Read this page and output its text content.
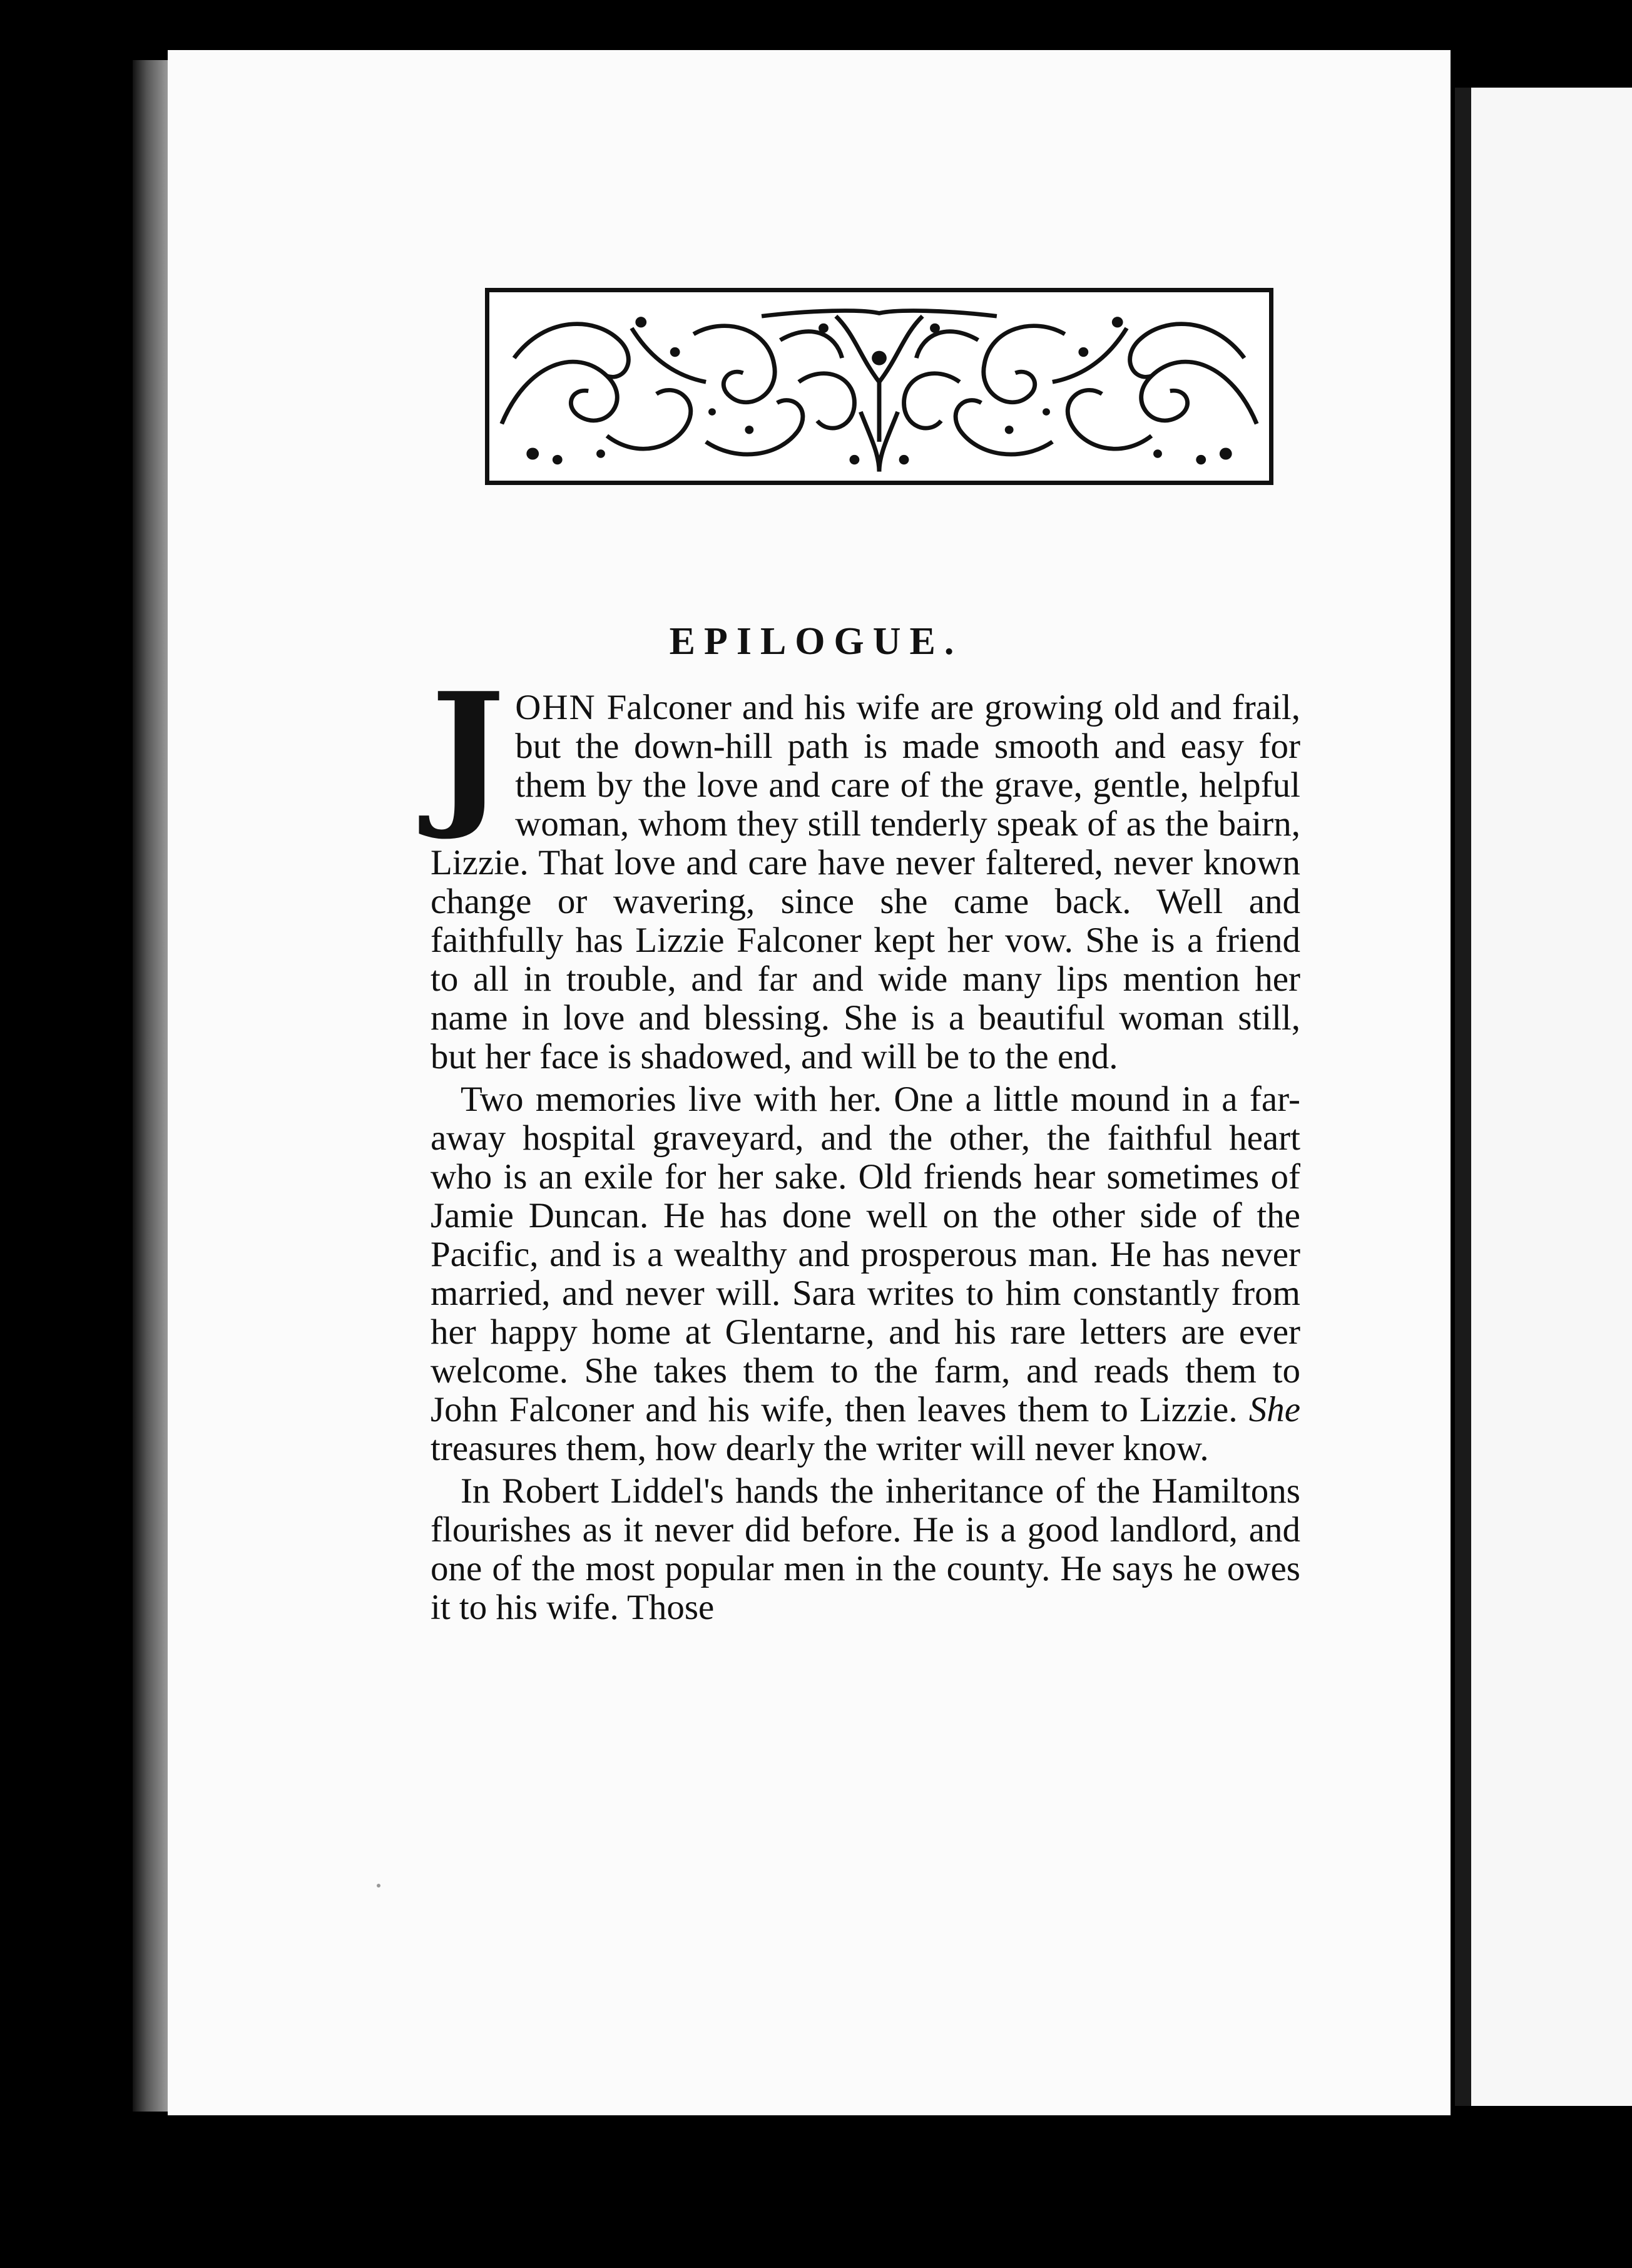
EPILOGUE.

JOHN Falconer and his wife are growing old and frail, but the down-hill path is made smooth and easy for them by the love and care of the grave, gentle, helpful woman, whom they still tenderly speak of as the bairn, Lizzie. That love and care have never faltered, never known change or wavering, since she came back. Well and faithfully has Lizzie Falconer kept her vow. She is a friend to all in trouble, and far and wide many lips mention her name in love and blessing. She is a beautiful woman still, but her face is shadowed, and will be to the end.

Two memories live with her. One a little mound in a far-away hospital graveyard, and the other, the faithful heart who is an exile for her sake. Old friends hear sometimes of Jamie Duncan. He has done well on the other side of the Pacific, and is a wealthy and prosperous man. He has never married, and never will. Sara writes to him constantly from her happy home at Glentarne, and his rare letters are ever welcome. She takes them to the farm, and reads them to John Falconer and his wife, then leaves them to Lizzie. She treasures them, how dearly the writer will never know.

In Robert Liddel's hands the inheritance of the Hamiltons flourishes as it never did before. He is a good landlord, and one of the most popular men in the county. He says he owes it to his wife. Those
